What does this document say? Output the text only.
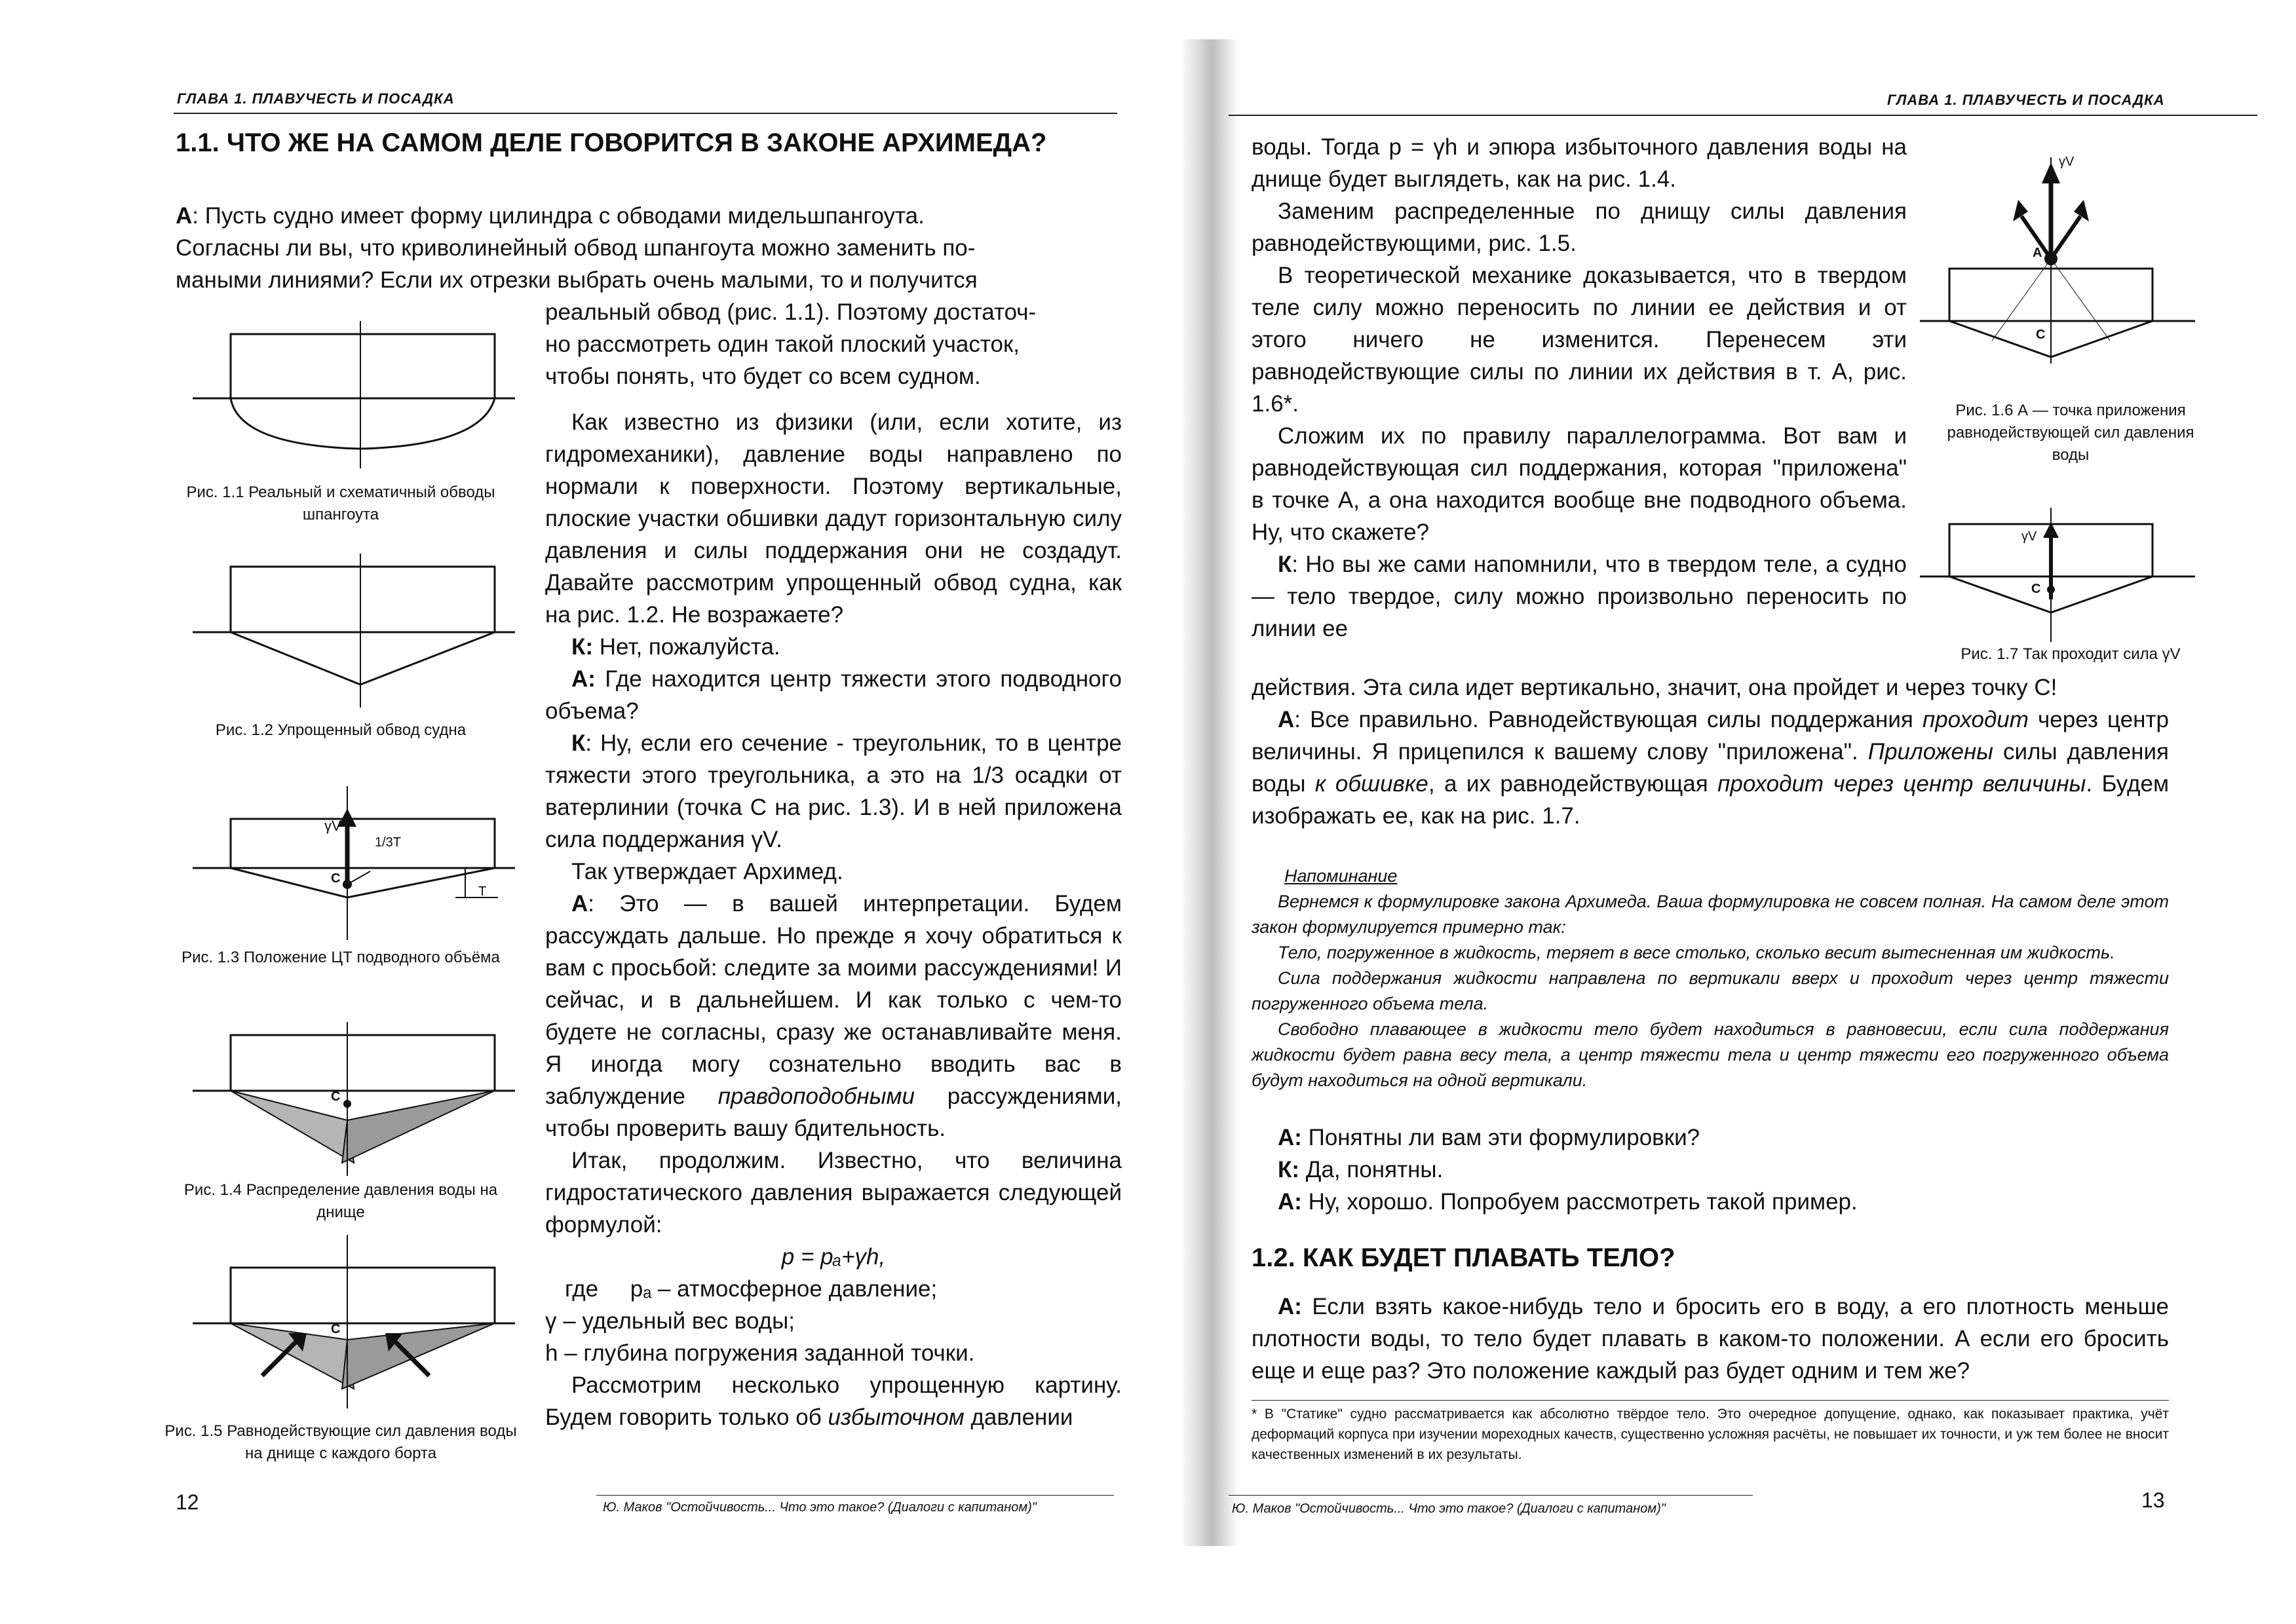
ГЛАВА 1. ПЛАВУЧЕСТЬ И ПОСАДКА
1.1. ЧТО ЖЕ НА САМОМ ДЕЛЕ ГОВОРИТСЯ В ЗАКОНЕ АРХИМЕДА?
А: Пусть судно имеет форму цилиндра с обводами мидельшпангоута.
Согласны ли вы, что криволинейный обвод шпангоута можно заменить по-
маными линиями? Если их отрезки выбрать очень малыми, то и получится
реальный обвод (рис. 1.1). Поэтому достаточ-
но рассмотреть один такой плоский участок,
чтобы понять, что будет со всем судном.

Как известно из физики (или, если хотите, из гидромеханики), давление воды направлено по нормали к поверхности. Поэтому вертикальные, плоские участки обшивки дадут горизонтальную силу давления и силы поддержания они не создадут. Давайте рассмотрим упрощенный обвод судна, как на рис. 1.2. Не возражаете?

К: Нет, пожалуйста.

А: Где находится центр тяжести этого подводного объема?

К: Ну, если его сечение - треугольник, то в центре тяжести этого треугольника, а это на 1/3 осадки от ватерлинии (точка С на рис. 1.3). И в ней приложена сила поддержания γV.

Так утверждает Архимед.

А: Это — в вашей интерпретации. Будем рассуждать дальше. Но прежде я хочу обратиться к вам с просьбой: следите за моими рассуждениями! И сейчас, и в дальнейшем. И как только с чем-то будете не согласны, сразу же останавливайте меня. Я иногда могу сознательно вводить вас в заблуждение правдоподобными рассуждениями, чтобы проверить вашу бдительность.

Итак, продолжим. Известно, что величина гидростатического давления выражается следующей формулой:

p = pₐ+γh,

где pₐ – атмосферное давление;

γ – удельный вес воды;

h – глубина погружения заданной точки.

Рассмотрим несколько упрощенную картину. Будем говорить только об избыточном давлении

Рис. 1.1 Реальный и схематичный обводы шпангоута
Рис. 1.2 Упрощенный обвод судна
γV
1/3T
C
T
Рис. 1.3 Положение ЦТ подводного объёма
C
Рис. 1.4 Распределение давления воды на днище
C
Рис. 1.5 Равнодействующие сил давления воды на днище с каждого борта
12	Ю. Маков "Остойчивость... Что это такое? (Диалоги с капитаном)"
ГЛАВА 1. ПЛАВУЧЕСТЬ И ПОСАДКА

воды. Тогда p = γh и эпюра избыточного давления воды на днище будет выглядеть, как на рис. 1.4.

Заменим распределенные по днищу силы давления равнодействующими, рис. 1.5.

В теоретической механике доказывается, что в твердом теле силу можно переносить по линии ее действия и от этого ничего не изменится. Перенесем эти равнодействующие силы по линии их действия в т. А, рис. 1.6*.

Сложим их по правилу параллелограмма. Вот вам и равнодействующая сил поддержания, которая "приложена" в точке А, а она находится вообще вне подводного объема. Ну, что скажете?

К: Но вы же сами напомнили, что в твердом теле, а судно — тело твердое, силу можно произвольно переносить по линии ее

действия. Эта сила идет вертикально, значит, она пройдет и через точку С!

А: Все правильно. Равнодействующая силы поддержания проходит через центр величины. Я прицепился к вашему слову "приложена". Приложены силы давления воды к обшивке, а их равнодействующая проходит через центр величины. Будем изображать ее, как на рис. 1.7.

Напоминание

Вернемся к формулировке закона Архимеда. Ваша формулировка не совсем полная. На самом деле этот закон формулируется примерно так:

Тело, погруженное в жидкость, теряет в весе столько, сколько весит вытесненная им жидкость.

Сила поддержания жидкости направлена по вертикали вверх и проходит через центр тяжести погруженного объема тела.

Свободно плавающее в жидкости тело будет находиться в равновесии, если сила поддержания жидкости будет равна весу тела, а центр тяжести тела и центр тяжести его погруженного объема будут находиться на одной вертикали.

А: Понятны ли вам эти формулировки?

К: Да, понятны.

А: Ну, хорошо. Попробуем рассмотреть такой пример.

1.2. КАК БУДЕТ ПЛАВАТЬ ТЕЛО?

А: Если взять какое-нибудь тело и бросить его в воду, а его плотность меньше плотности воды, то тело будет плавать в каком-то положении. А если его бросить еще и еще раз? Это положение каждый раз будет одним и тем же?

* В "Статике" судно рассматривается как абсолютно твёрдое тело. Это очередное допущение, однако, как показывает практика, учёт деформаций корпуса при изучении мореходных качеств, существенно усложняя расчёты, не повышает их точности, и уж тем более не вносит качественных изменений в их результаты.
Ю. Маков "Остойчивость... Что это такое? (Диалоги с капитаном)"	13
γV
А
C
Рис. 1.6 А — точка приложения равнодействующей сил давления воды
γV
C
Рис. 1.7 Так проходит сила γV
